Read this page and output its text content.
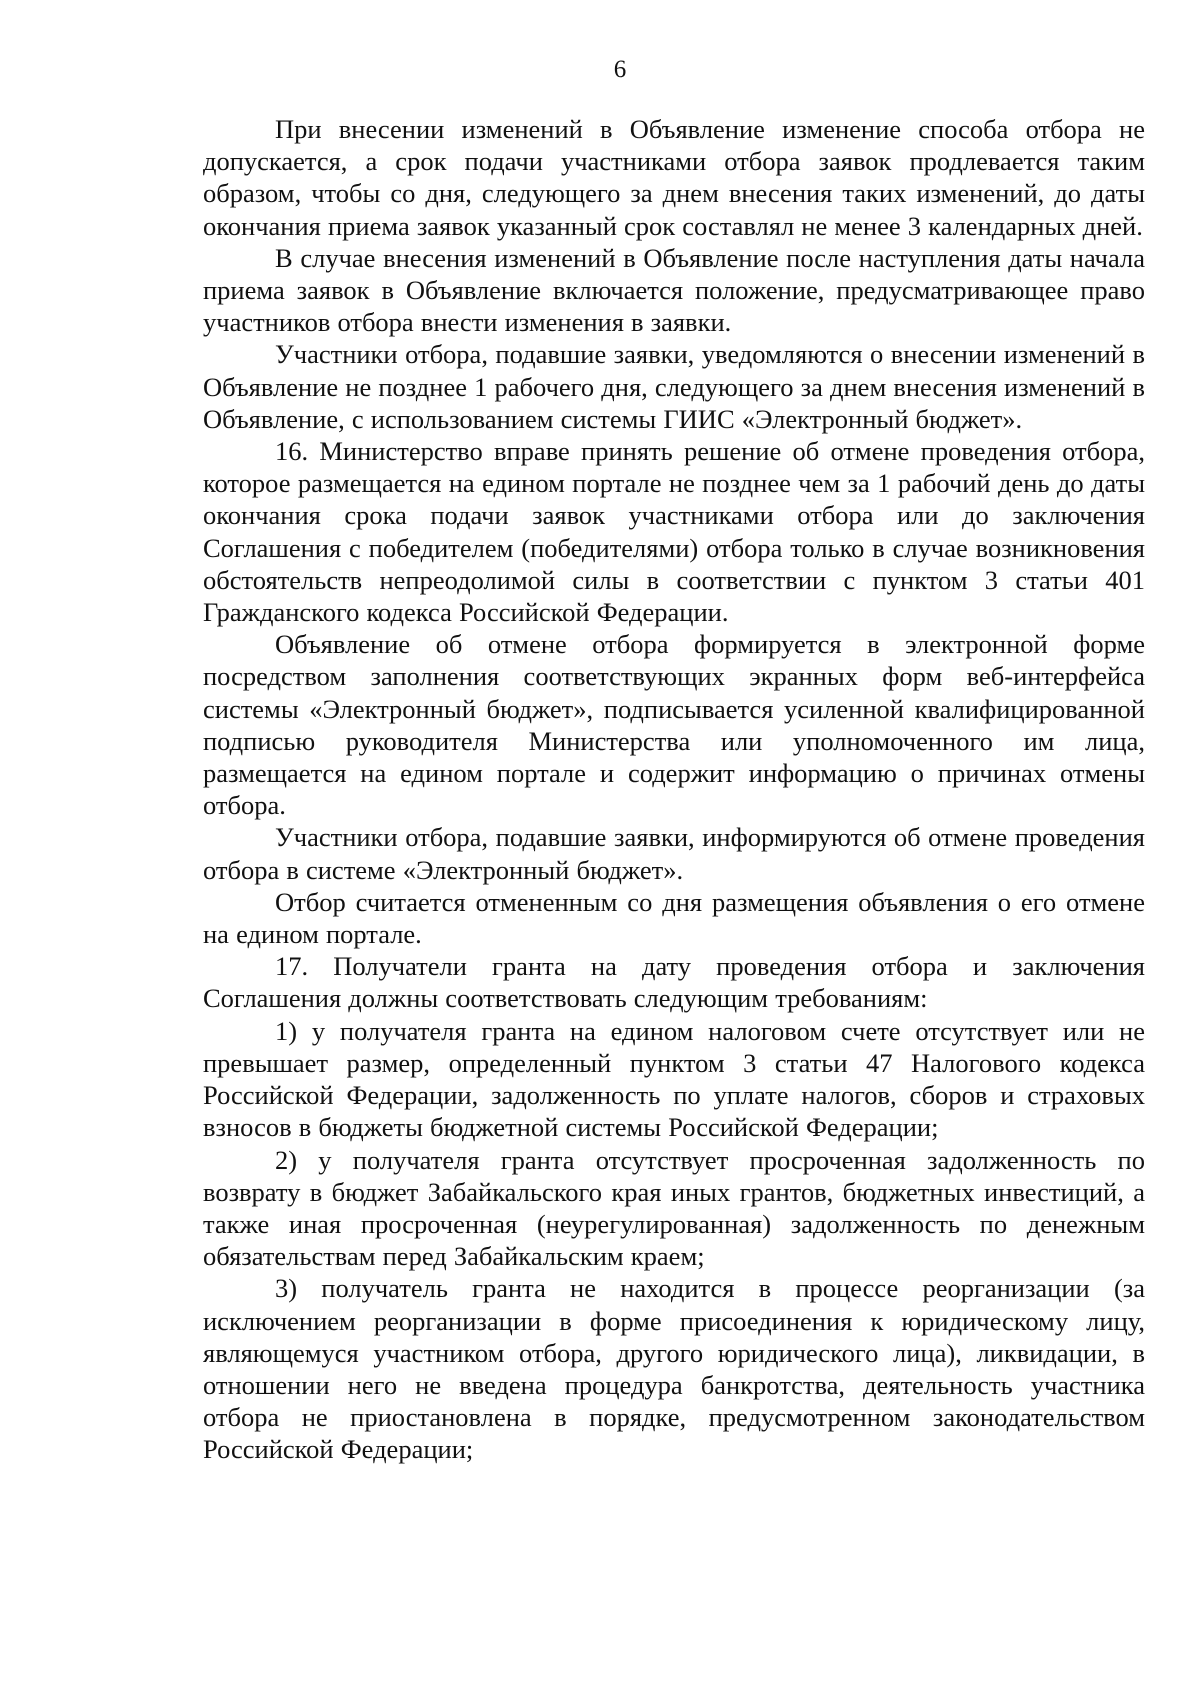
6

При внесении изменений в Объявление изменение способа отбора не допускается, а срок подачи участниками отбора заявок продлевается таким образом, чтобы со дня, следующего за днем внесения таких изменений, до даты окончания приема заявок указанный срок составлял не менее 3 календарных дней.

В случае внесения изменений в Объявление после наступления даты начала приема заявок в Объявление включается положение, предусматривающее право участников отбора внести изменения в заявки.

Участники отбора, подавшие заявки, уведомляются о внесении изменений в Объявление не позднее 1 рабочего дня, следующего за днем внесения изменений в Объявление, с использованием системы ГИИС «Электронный бюджет».

16. Министерство вправе принять решение об отмене проведения отбора, которое размещается на едином портале не позднее чем за 1 рабочий день до даты окончания срока подачи заявок участниками отбора или до заключения Соглашения с победителем (победителями) отбора только в случае возникновения обстоятельств непреодолимой силы в соответствии с пунктом 3 статьи 401 Гражданского кодекса Российской Федерации.

Объявление об отмене отбора формируется в электронной форме посредством заполнения соответствующих экранных форм веб-интерфейса системы «Электронный бюджет», подписывается усиленной квалифицированной подписью руководителя Министерства или уполномоченного им лица, размещается на едином портале и содержит информацию о причинах отмены отбора.

Участники отбора, подавшие заявки, информируются об отмене проведения отбора в системе «Электронный бюджет».

Отбор считается отмененным со дня размещения объявления о его отмене на едином портале.

17. Получатели гранта на дату проведения отбора и заключения Соглашения должны соответствовать следующим требованиям:

1) у получателя гранта на едином налоговом счете отсутствует или не превышает размер, определенный пунктом 3 статьи 47 Налогового кодекса Российской Федерации, задолженность по уплате налогов, сборов и страховых взносов в бюджеты бюджетной системы Российской Федерации;

2) у получателя гранта отсутствует просроченная задолженность по возврату в бюджет Забайкальского края иных грантов, бюджетных инвестиций, а также иная просроченная (неурегулированная) задолженность по денежным обязательствам перед Забайкальским краем;

3) получатель гранта не находится в процессе реорганизации (за исключением реорганизации в форме присоединения к юридическому лицу, являющемуся участником отбора, другого юридического лица), ликвидации, в отношении него не введена процедура банкротства, деятельность участника отбора не приостановлена в порядке, предусмотренном законодательством Российской Федерации;
